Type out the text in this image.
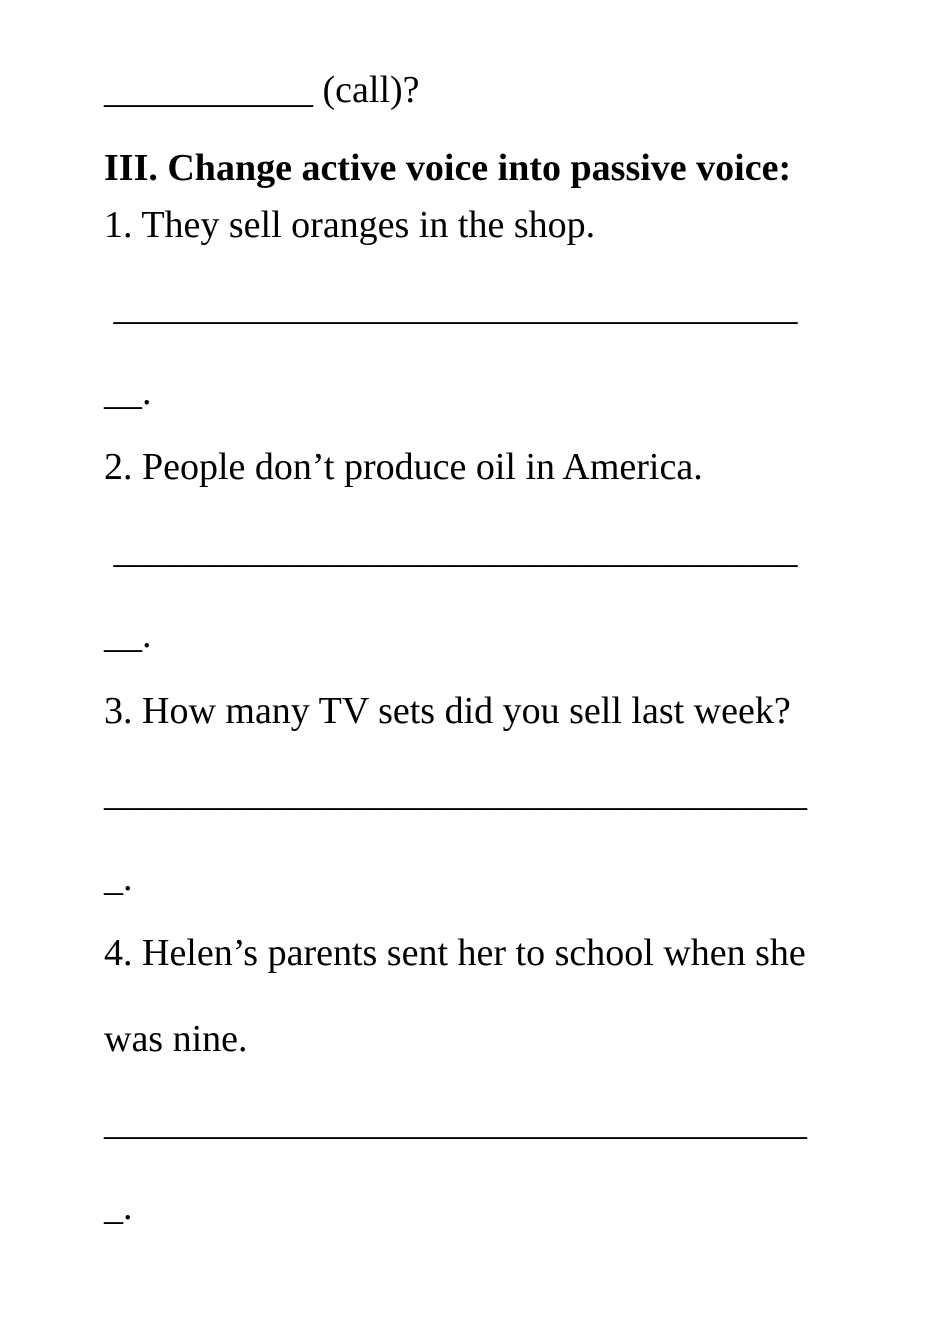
___________ (call)?

III. Change active voice into passive voice:

1. They sell oranges in the shop.

____________________________________

__.

2. People don’t produce oil in America.

____________________________________

__.

3. How many TV sets did you sell last week?

_____________________________________

_.

4. Helen’s parents sent her to school when she

was nine.

_____________________________________

_.
